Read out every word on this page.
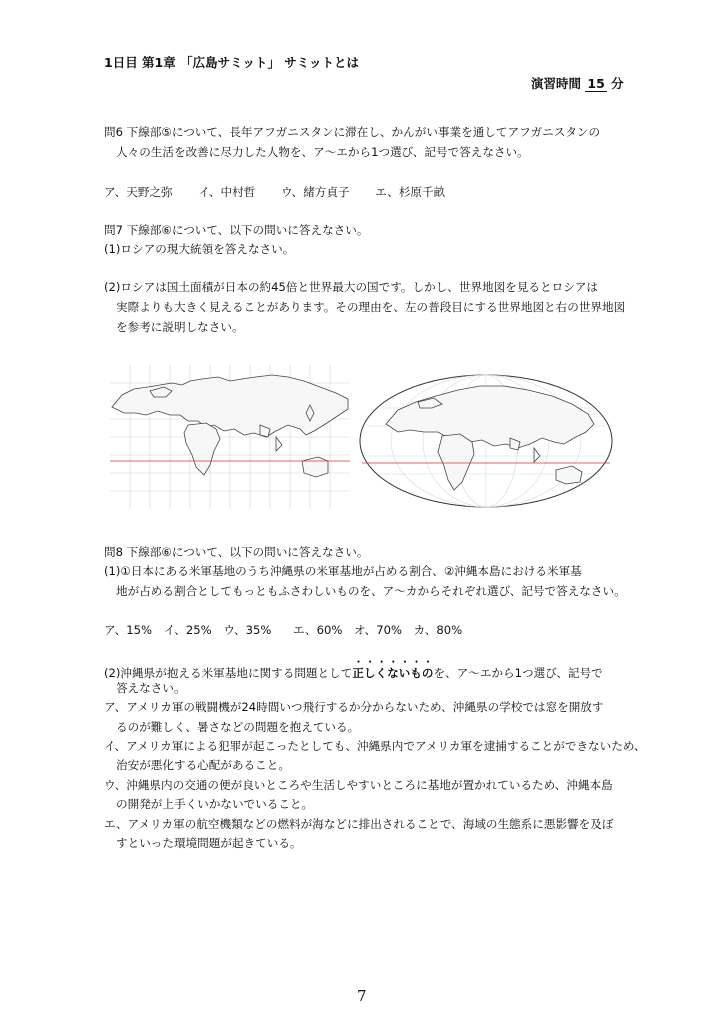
1日目 第1章 「広島サミット」 サミットとは
演習時間 15 分
問6 下線部⑤について、長年アフガニスタンに滞在し、かんがい事業を通してアフガニスタンの
人々の生活を改善に尽力した人物を、ア～エから1つ選び、記号で答えなさい。
ア、天野之弥 イ、中村哲 ウ、緒方貞子 エ、杉原千畝
問7 下線部⑥について、以下の問いに答えなさい。
(1)ロシアの現大統領を答えなさい。
(2)ロシアは国土面積が日本の約45倍と世界最大の国です。しかし、世界地図を見るとロシアは
実際よりも大きく見えることがあります。その理由を、左の普段目にする世界地図と右の世界地図
を参考に説明しなさい。
問8 下線部⑥について、以下の問いに答えなさい。
(1)①日本にある米軍基地のうち沖縄県の米軍基地が占める割合、②沖縄本島における米軍基
地が占める割合としてもっともふさわしいものを、ア～カからそれぞれ選び、記号で答えなさい。
ア、15% イ、25% ウ、35% エ、60% オ、70% カ、80%
(2)沖縄県が抱える米軍基地に関する問題として正しくないものを、ア～エから1つ選び、記号で
答えなさい。
ア、アメリカ軍の戦闘機が24時間いつ飛行するか分からないため、沖縄県の学校では窓を開放す
るのが難しく、暑さなどの問題を抱えている。
イ、アメリカ軍による犯罪が起こったとしても、沖縄県内でアメリカ軍を逮捕することができないため、
治安が悪化する心配があること。
ウ、沖縄県内の交通の便が良いところや生活しやすいところに基地が置かれているため、沖縄本島
の開発が上手くいかないでいること。
エ、アメリカ軍の航空機類などの燃料が海などに排出されることで、海域の生態系に悪影響を及ぼ
すといった環境問題が起きている。
7
